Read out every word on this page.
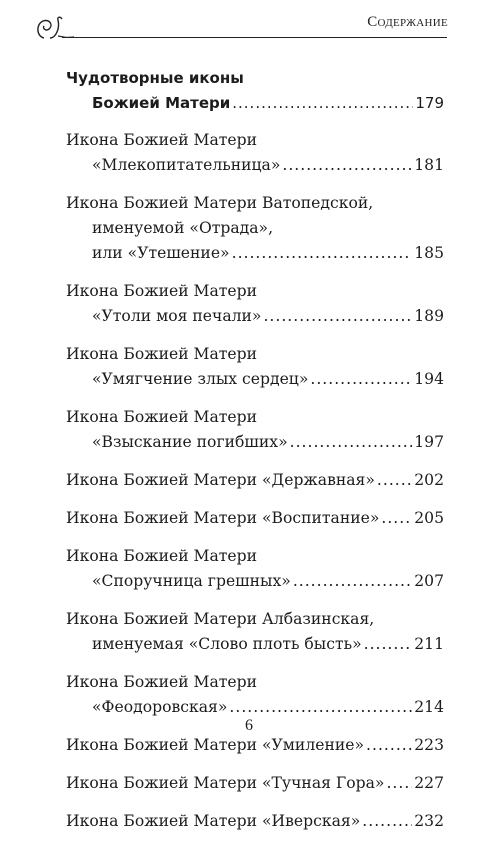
Содержание
Чудотворные иконы
Божией Матери .....	179
Икона Божией Матери
«Млекопитательница» .....	181
Икона Божией Матери Ватопедской,
именуемой «Отрада»,
или «Утешение» .....	185
Икона Божией Матери
«Утоли моя печали» .....	189
Икона Божией Матери
«Умягчение злых сердец» .....	194
Икона Божией Матери
«Взыскание погибших» .....	197
Икона Божией Матери «Державная» .....	202
Икона Божией Матери «Воспитание» ..... 205
Икона Божией Матери
«Споручница грешных» .....	207
Икона Божией Матери Албазинская,
именуемая «Слово плоть бысть» .....	211
Икона Божией Матери
«Феодоровская» .....	214
Икона Божией Матери «Умиление» .....	223
Икона Божией Матери «Тучная Гора» ..... 227
Икона Божией Матери «Иверская» .....	232
6
